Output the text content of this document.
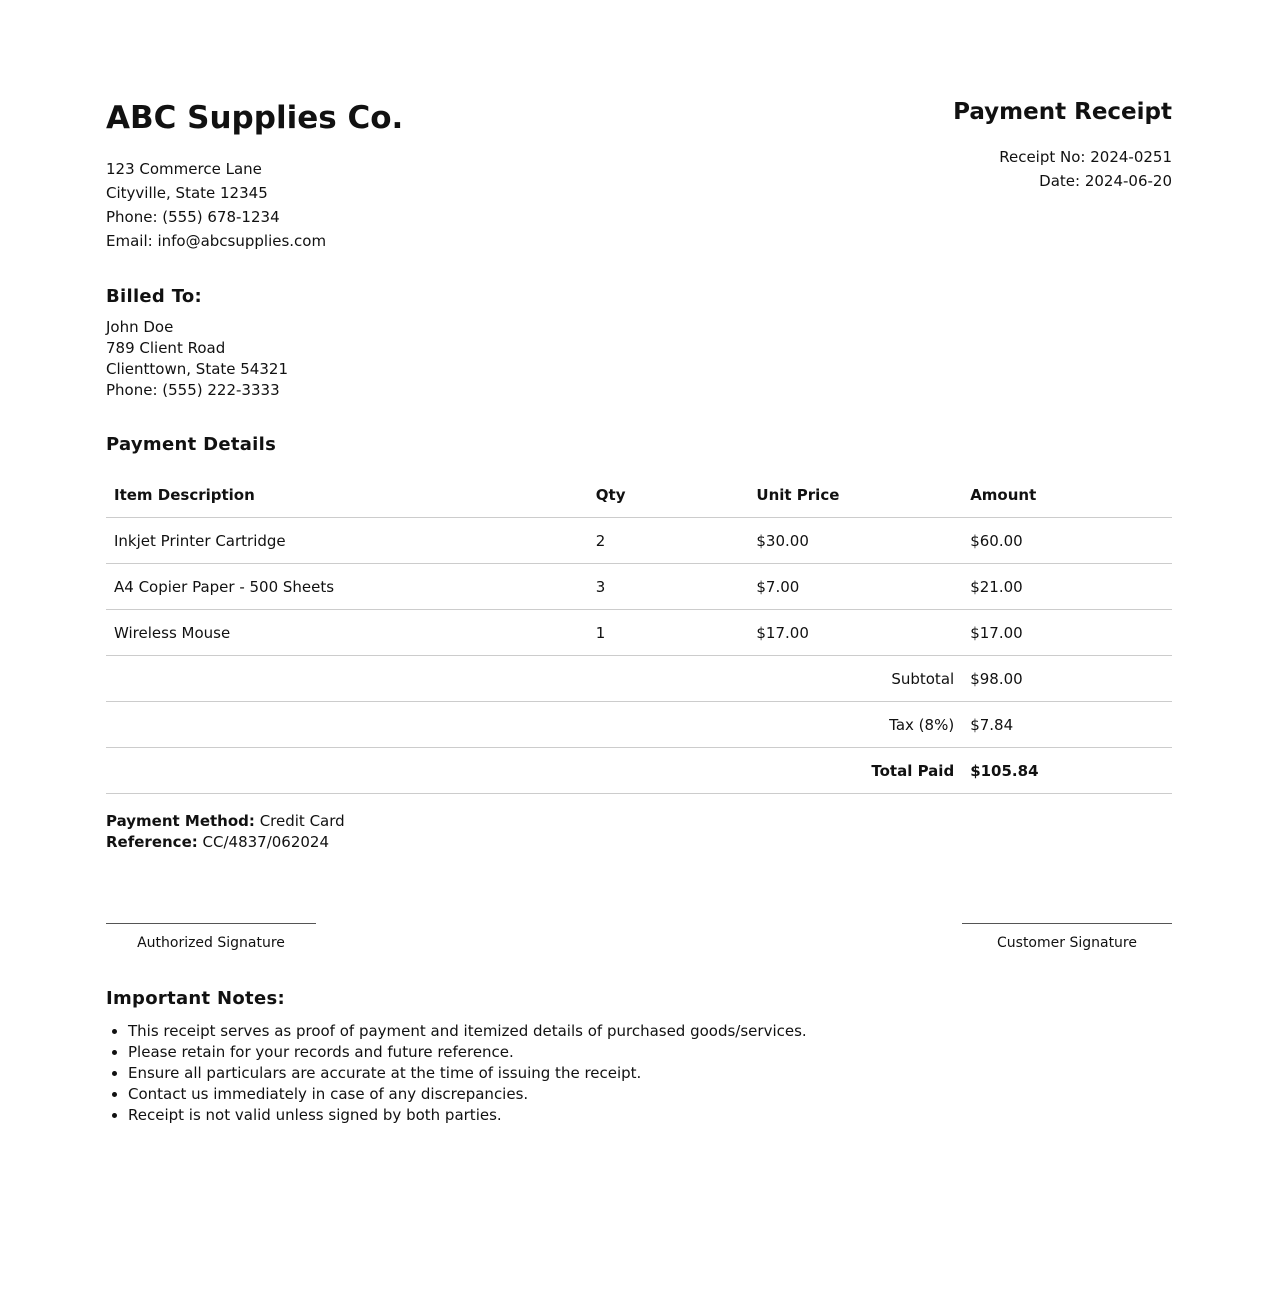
ABC Supplies Co.
123 Commerce Lane
Cityville, State 12345
Phone: (555) 678-1234
Email: info@abcsupplies.com
Payment Receipt
Receipt No: 2024-0251
Date: 2024-06-20
Billed To:
John Doe
789 Client Road
Clienttown, State 54321
Phone: (555) 222-3333
Payment Details
Item Description	Qty	Unit Price	Amount
Inkjet Printer Cartridge	2	$30.00	$60.00
A4 Copier Paper - 500 Sheets	3	$7.00	$21.00
Wireless Mouse	1	$17.00	$17.00
Subtotal			$98.00
Tax (8%)			$7.84
Total Paid			$105.84
Payment Method: Credit Card
Reference: CC/4837/062024
Authorized Signature	Customer Signature
Important Notes:
• This receipt serves as proof of payment and itemized details of purchased goods/services.
• Please retain for your records and future reference.
• Ensure all particulars are accurate at the time of issuing the receipt.
• Contact us immediately in case of any discrepancies.
• Receipt is not valid unless signed by both parties.
